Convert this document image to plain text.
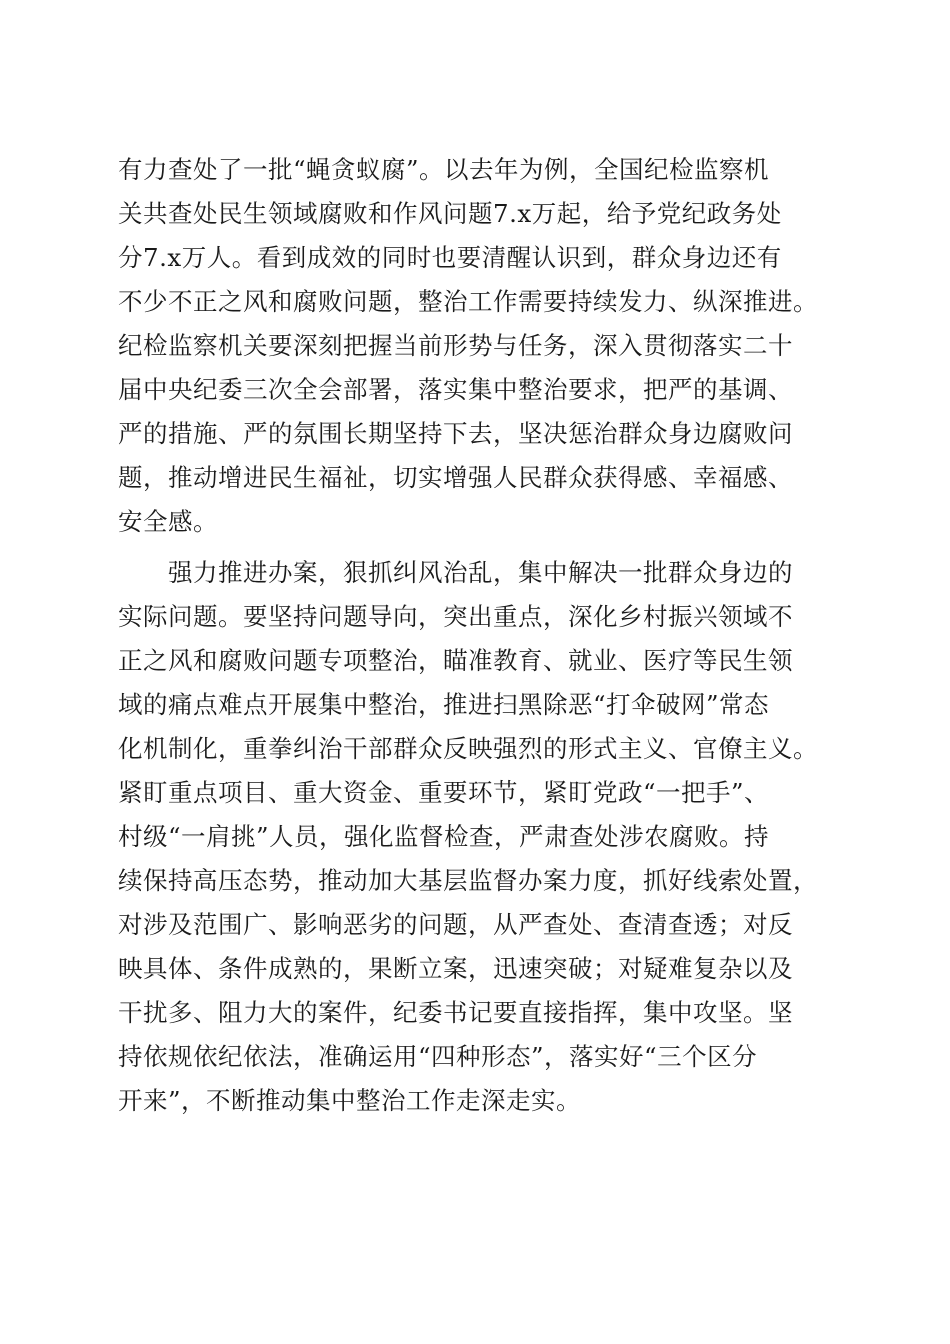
有力查处了一批“蝇贪蚁腐”。以去年为例，全国纪检监察机
关共查处民生领域腐败和作风问题7.x万起，给予党纪政务处
分7.x万人。看到成效的同时也要清醒认识到，群众身边还有
不少不正之风和腐败问题，整治工作需要持续发力、纵深推进。
纪检监察机关要深刻把握当前形势与任务，深入贯彻落实二十
届中央纪委三次全会部署，落实集中整治要求，把严的基调、
严的措施、严的氛围长期坚持下去，坚决惩治群众身边腐败问
题，推动增进民生福祉，切实增强人民群众获得感、幸福感、
安全感。
　　强力推进办案，狠抓纠风治乱，集中解决一批群众身边的
实际问题。要坚持问题导向，突出重点，深化乡村振兴领域不
正之风和腐败问题专项整治，瞄准教育、就业、医疗等民生领
域的痛点难点开展集中整治，推进扫黑除恶“打伞破网”常态
化机制化，重拳纠治干部群众反映强烈的形式主义、官僚主义。
紧盯重点项目、重大资金、重要环节，紧盯党政“一把手”、
村级“一肩挑”人员，强化监督检查，严肃查处涉农腐败。持
续保持高压态势，推动加大基层监督办案力度，抓好线索处置，
对涉及范围广、影响恶劣的问题，从严查处、查清查透；对反
映具体、条件成熟的，果断立案，迅速突破；对疑难复杂以及
干扰多、阻力大的案件，纪委书记要直接指挥，集中攻坚。坚
持依规依纪依法，准确运用“四种形态”，落实好“三个区分
开来”，不断推动集中整治工作走深走实。
